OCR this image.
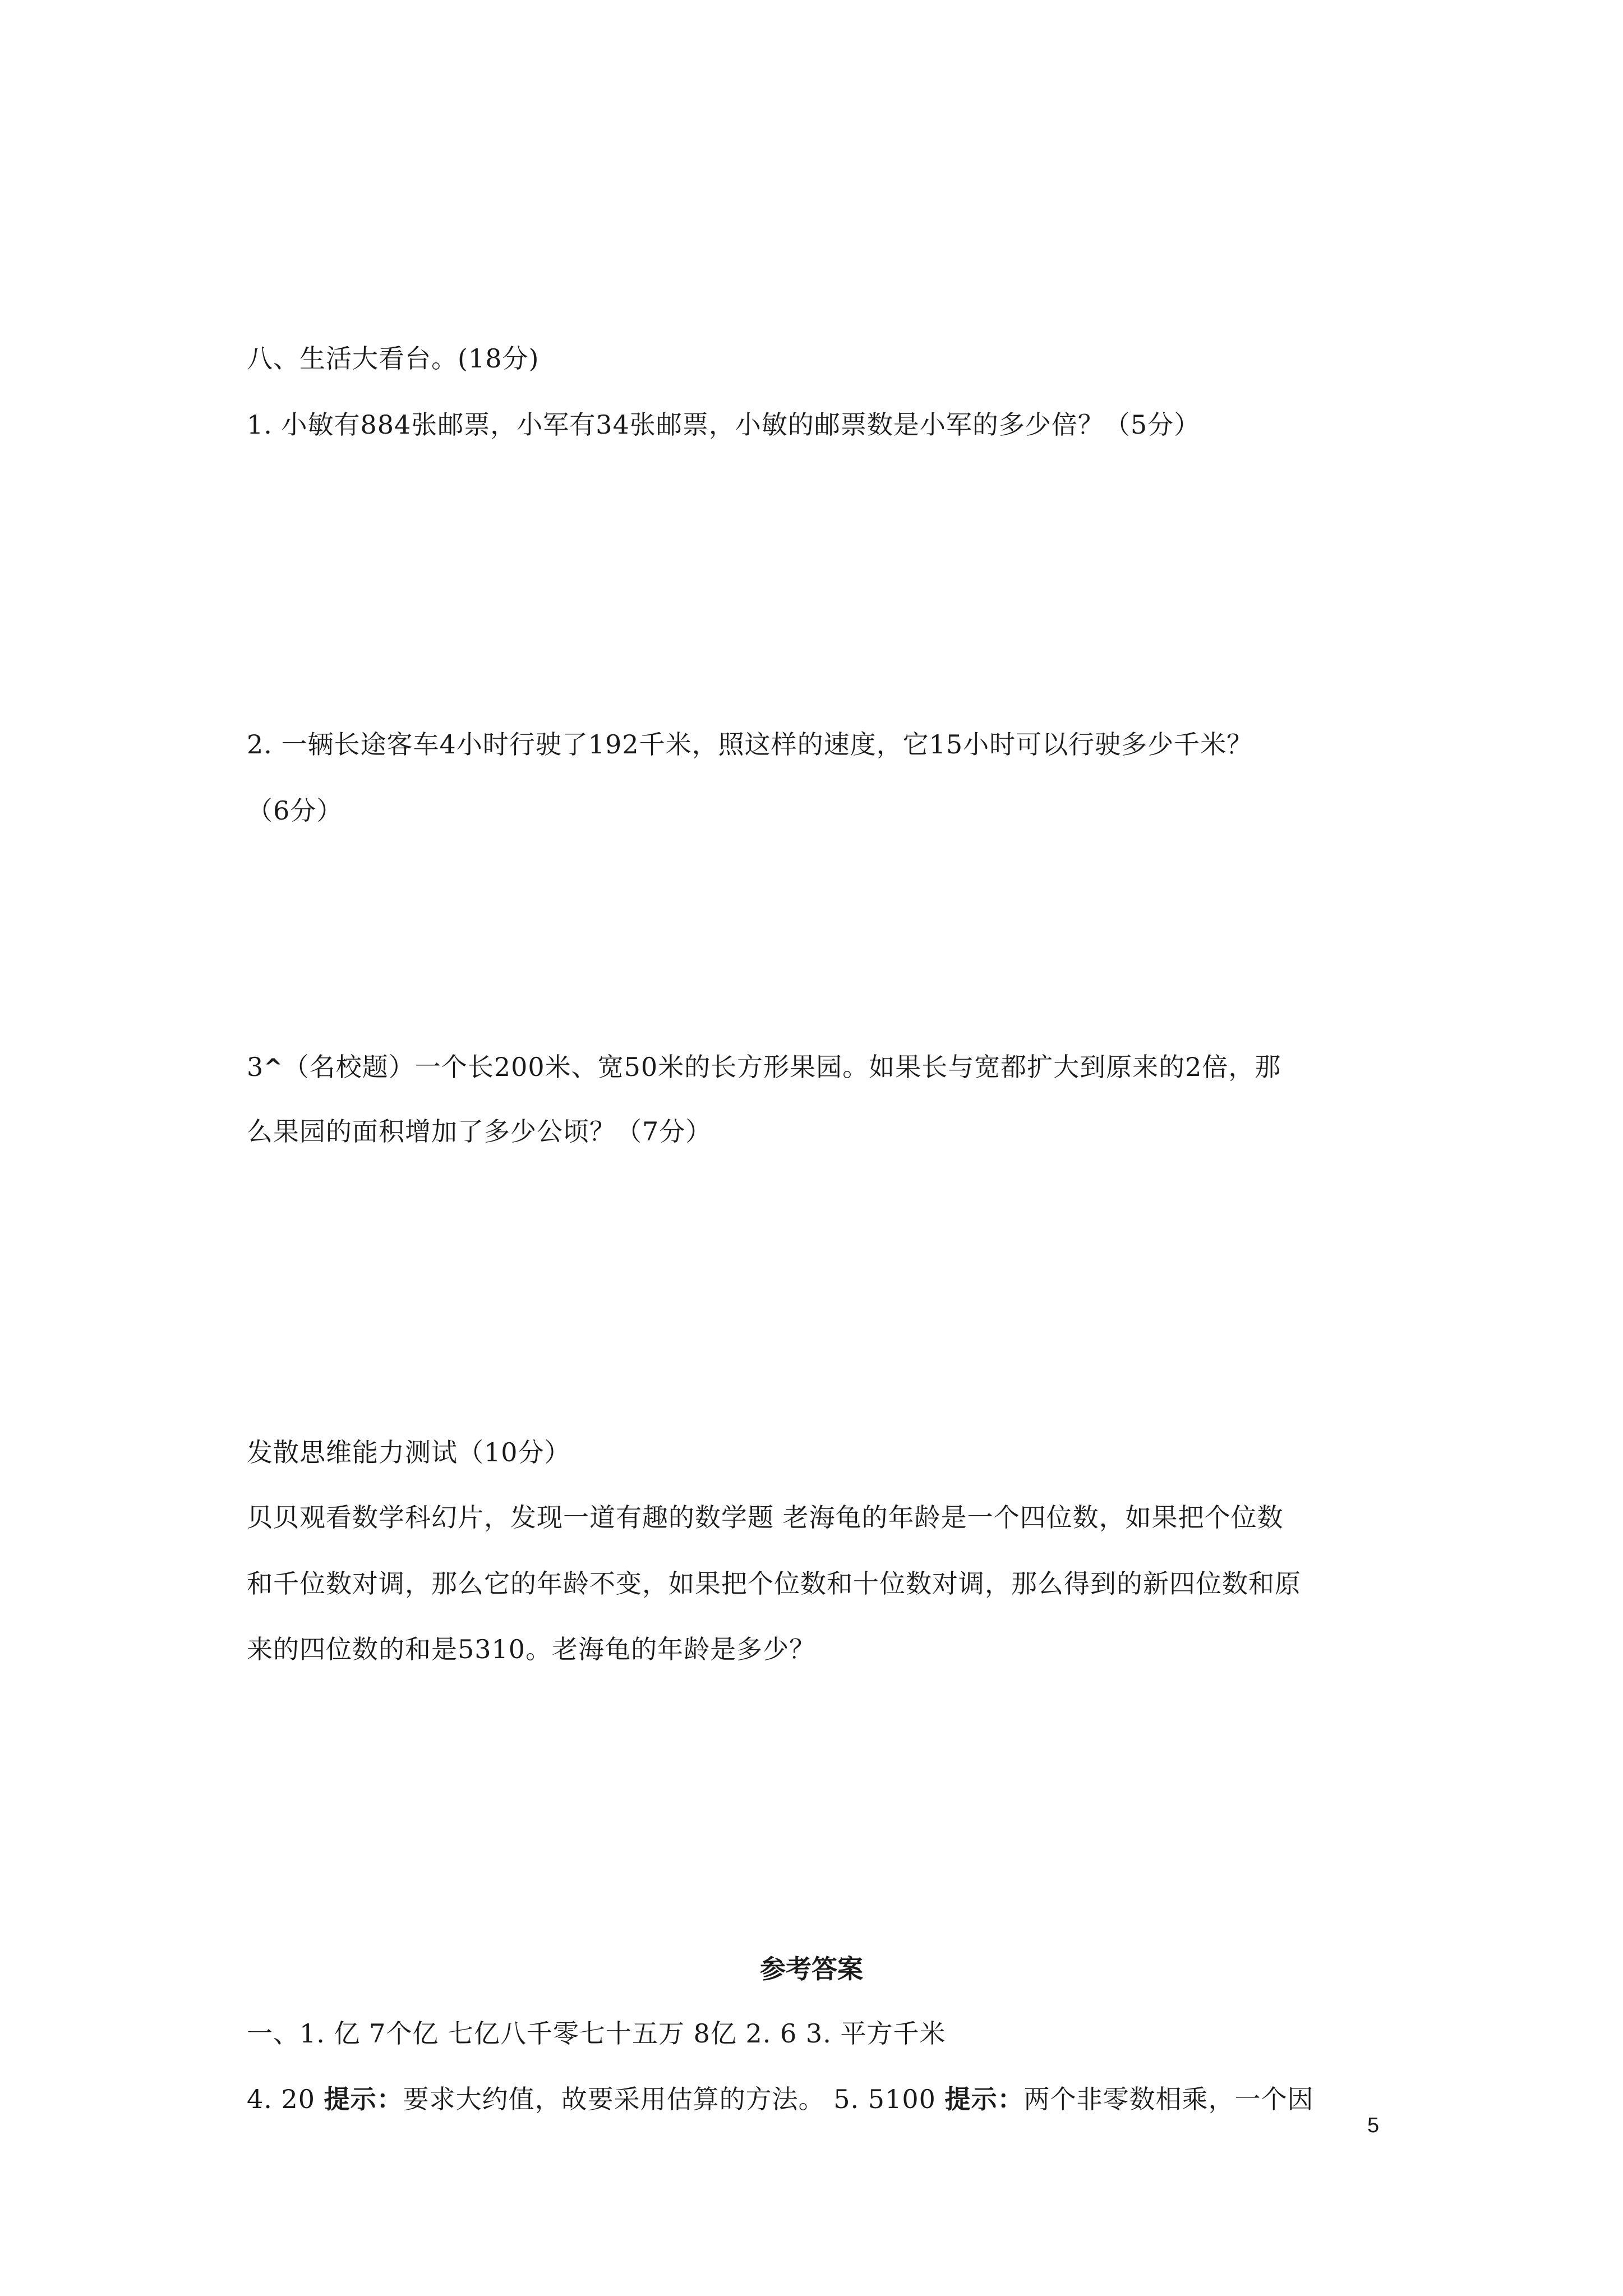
八、生活大看台。(18分)
1. 小敏有884张邮票，小军有34张邮票，小敏的邮票数是小军的多少倍？（5分）
2. 一辆长途客车4小时行驶了192千米，照这样的速度，它15小时可以行驶多少千米？
（6分）
3^（名校题）一个长200米、宽50米的长方形果园。如果长与宽都扩大到原来的2倍，那
么果园的面积增加了多少公顷？（7分）
发散思维能力测试（10分）
贝贝观看数学科幻片，发现一道有趣的数学题 老海龟的年龄是一个四位数，如果把个位数
和千位数对调，那么它的年龄不变，如果把个位数和十位数对调，那么得到的新四位数和原
来的四位数的和是5310。老海龟的年龄是多少？
参考答案
一、1. 亿 7个亿 七亿八千零七十五万 8亿 2. 6 3. 平方千米
4. 20 提示：要求大约值，故要采用估算的方法。 5. 5100 提示：两个非零数相乘，一个因
5
